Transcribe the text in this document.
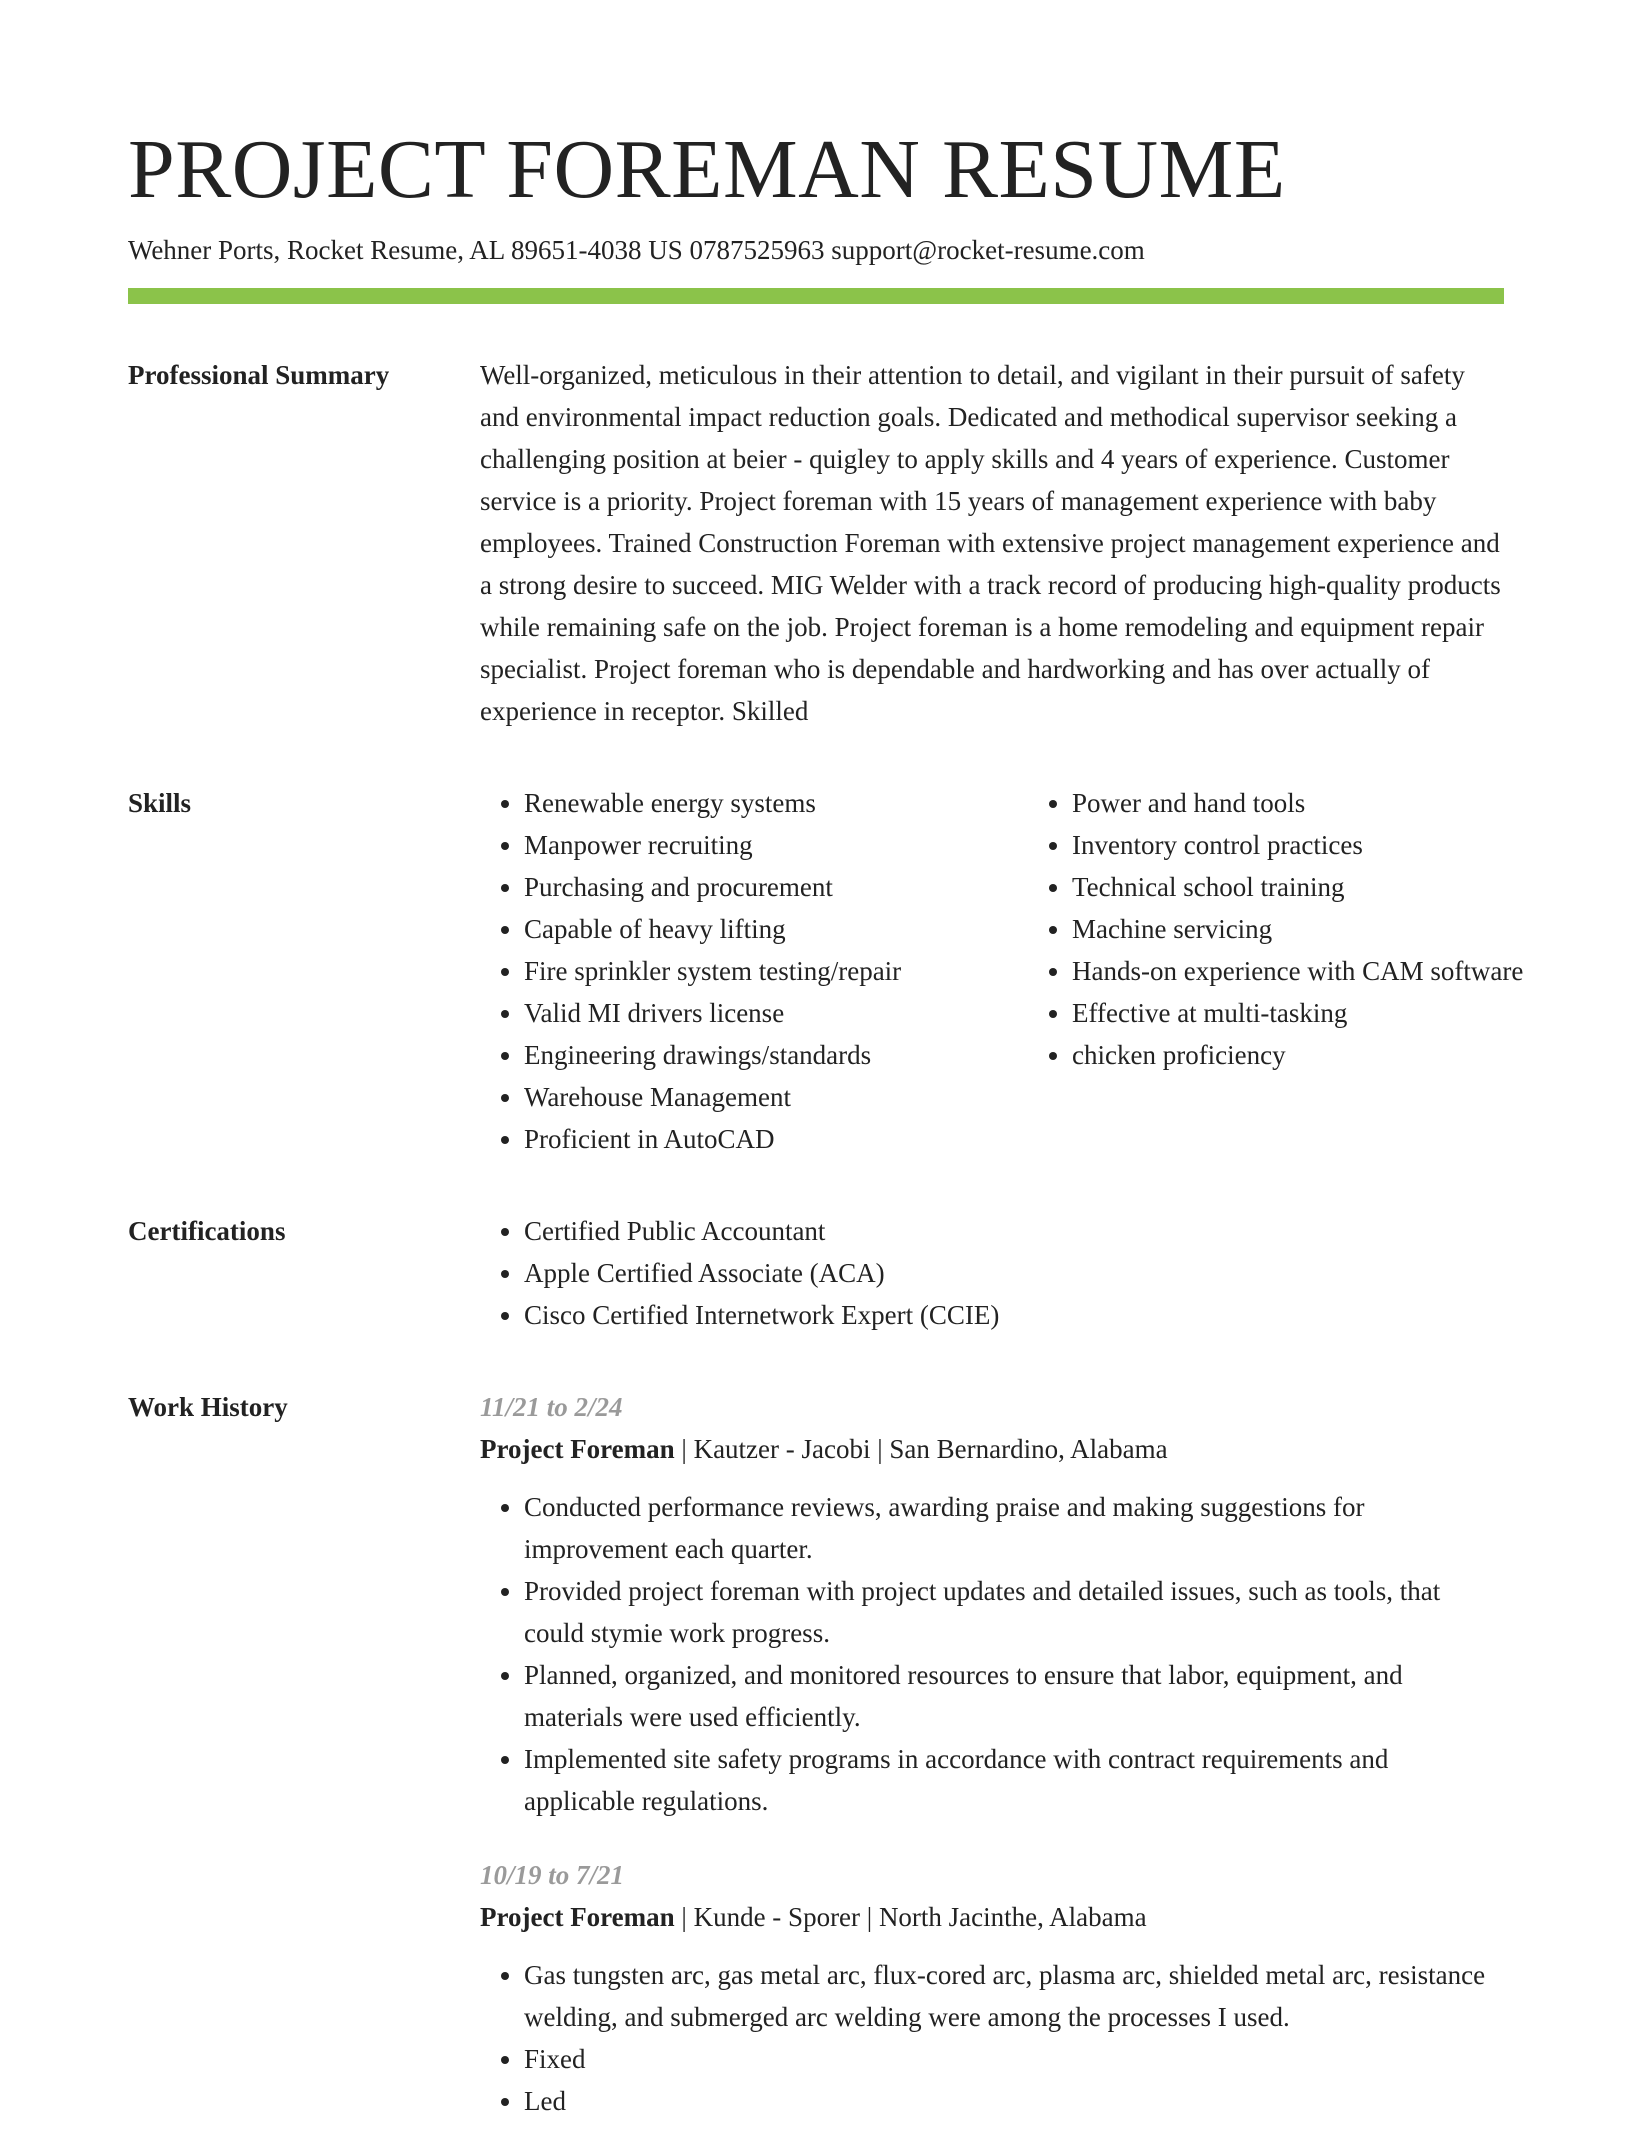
PROJECT FOREMAN RESUME
Wehner Ports, Rocket Resume, AL 89651-4038 US 0787525963 support@rocket-resume.com
Professional Summary	Well-organized, meticulous in their attention to detail, and vigilant in their pursuit of safety and environmental impact reduction goals. Dedicated and methodical supervisor seeking a challenging position at beier - quigley to apply skills and 4 years of experience. Customer service is a priority. Project foreman with 15 years of management experience with baby employees. Trained Construction Foreman with extensive project management experience and a strong desire to succeed. MIG Welder with a track record of producing high-quality products while remaining safe on the job. Project foreman is a home remodeling and equipment repair specialist. Project foreman who is dependable and hardworking and has over actually of experience in receptor. Skilled

Skills	• Renewable energy systems
• Manpower recruiting
• Purchasing and procurement
• Capable of heavy lifting
• Fire sprinkler system testing/repair
• Valid MI drivers license
• Engineering drawings/standards
• Warehouse Management
• Proficient in AutoCAD
• Power and hand tools
• Inventory control practices
• Technical school training
• Machine servicing
• Hands-on experience with CAM software
• Effective at multi-tasking
• chicken proficiency
Certifications	• Certified Public Accountant
• Apple Certified Associate (ACA)
• Cisco Certified Internetwork Expert (CCIE)
Work History	11/21 to 2/24
Project Foreman | Kautzer - Jacobi | San Bernardino, Alabama
• Conducted performance reviews, awarding praise and making suggestions for improvement each quarter.
• Provided project foreman with project updates and detailed issues, such as tools, that could stymie work progress.
• Planned, organized, and monitored resources to ensure that labor, equipment, and materials were used efficiently.
• Implemented site safety programs in accordance with contract requirements and applicable regulations.
10/19 to 7/21
Project Foreman | Kunde - Sporer | North Jacinthe, Alabama
• Gas tungsten arc, gas metal arc, flux-cored arc, plasma arc, shielded metal arc, resistance welding, and submerged arc welding were among the processes I used.
• Fixed
• Led
